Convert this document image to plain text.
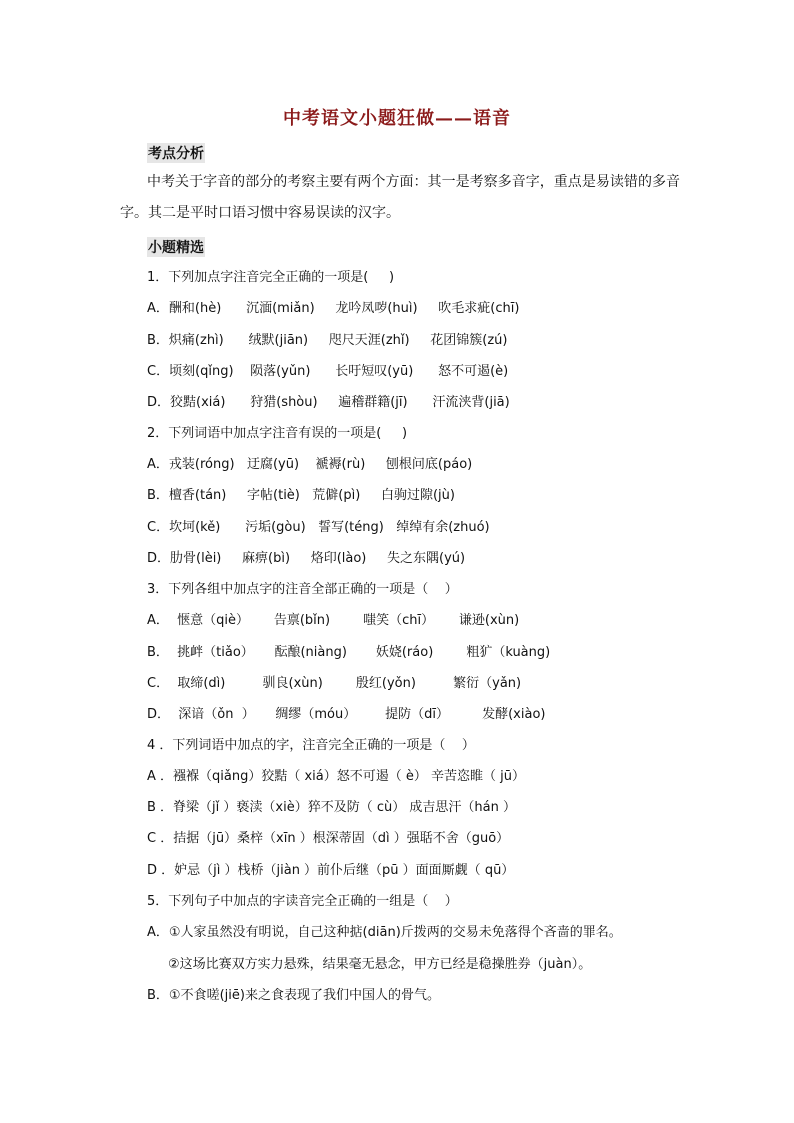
中考语文小题狂做——语音
考点分析
中考关于字音的部分的考察主要有两个方面：其一是考察多音字，重点是易读错的多音字。其二是平时口语习惯中容易误读的汉字。
小题精选
1．下列加点字注音完全正确的一项是(     )
A．酬和(hè)      沉湎(miǎn)     龙吟凤哕(huì)     吹毛求疵(chī)
B．炽痛(zhì)      绒默(jiān)     咫尺天涯(zhǐ)     花团锦簇(zú)
C．顷刻(qǐng)    陨落(yǔn)      长吁短叹(yū)      怒不可遏(è)
D．狡黠(xiá)      狩猎(shòu)     遍稽群籍(jī)      汗流浃背(jiā)
2．下列词语中加点字注音有误的一项是(     )
A．戎装(róng)   迂腐(yū)    褫褥(rù)     刨根问底(páo)
B．檀香(tán)     字帖(tiè)   荒僻(pì)     白驹过隙(jù)
C．坎坷(kě)      污垢(gòu)   誓写(téng)   绰绰有余(zhuó)
D．肋骨(lèi)     麻痹(bì)     烙印(lào)     失之东隅(yú)
3．下列各组中加点字的注音全部正确的一项是（    ）
A．  惬意（qiè）      告禀(bǐn)        嗤笑（chī）      谦逊(xùn)
B．  挑衅（tiǎo）     酝酿(niàng)       妖娆(ráo)        粗犷（kuàng)
C．  取缔(dì)         驯良(xùn)        殷红(yǒn)         繁衍（yǎn)
D．  深谙（ǒn  ）     绸缪（móu）       提防（dī）        发酵(xiào)
4 ．下列词语中加点的字，注音完全正确的一项是（    ）
A ．襁褓（qiǎng）狡黠（ xiá）怒不可遏（ è） 辛苦恣睢（ jū）
B ．脊梁（jǐ ）亵渎（xiè）猝不及防（ cù） 成吉思汗（hán ）
C ．拮据（jū）桑梓（xīn ）根深蒂固（dì ）强聒不舍（guō）
D ．妒忌（jì ）栈桥（jiàn ）前仆后继（pū ）面面厮觑（ qū）
5．下列句子中加点的字读音完全正确的一组是（    ）
A．①人家虽然没有明说，自己这种掂(diān)斤拨两的交易未免落得个吝啬的罪名。
②这场比赛双方实力悬殊，结果毫无悬念，甲方已经是稳操胜券（juàn）。
B．①不食嗟(jiē)来之食表现了我们中国人的骨气。
